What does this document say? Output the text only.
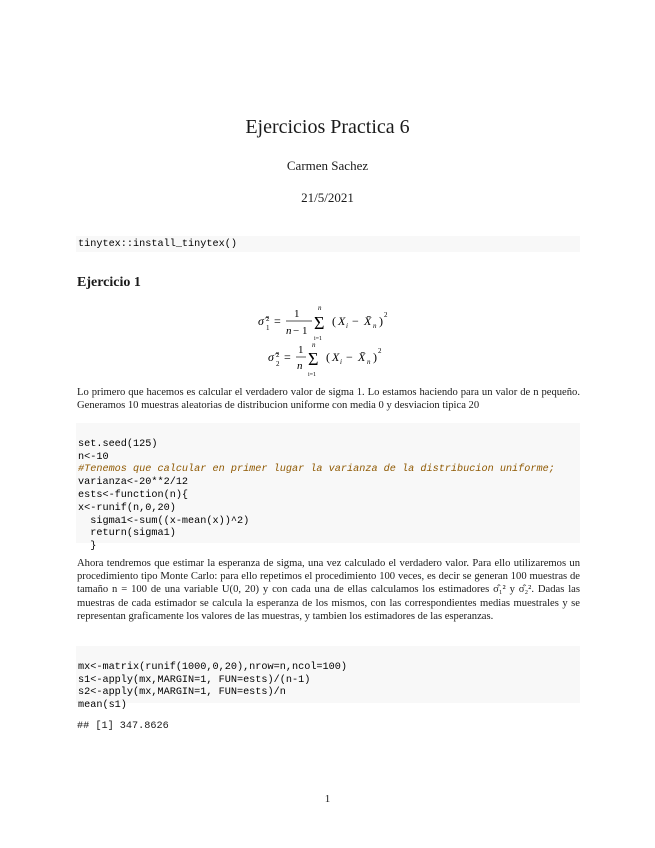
Ejercicios Practica 6
Carmen Sachez
21/5/2021
tinytex::install_tinytex()
Ejercicio 1
σ̂ 2
1 = 1
n − 1
n
Σ
i=1
( X i − X̄ n ) 2
σ̂ 2
2 = 1
n
n
Σ
i=1
( X i − X̄ n ) 2
Lo primero que hacemos es calcular el verdadero valor de sigma 1. Lo estamos haciendo para un valor de n pequeño. Generamos 10 muestras aleatorias de distribucion uniforme con media 0 y desviacion tipica 20

set.seed(125)
n<-10
#Tenemos que calcular en primer lugar la varianza de la distribucion uniforme;
varianza<-20**2/12
ests<-function(n){
x<-runif(n,0,20)
sigma1<-sum((x-mean(x))^2)
return(sigma1)
}

Ahora tendremos que estimar la esperanza de sigma, una vez calculado el verdadero valor. Para ello utilizaremos un procedimiento tipo Monte Carlo: para ello repetimos el procedimiento 100 veces, es decir se generan 100 muestras de tamaño n = 100 de una variable U(0, 20) y con cada una de ellas calculamos los estimadores σ̂₁² y σ̂₂². Dadas las muestras de cada estimador se calcula la esperanza de los mismos, con las correspondientes medias muestrales y se representan graficamente los valores de las muestras, y tambien los estimadores de las esperanzas.

mx<-matrix(runif(1000,0,20),nrow=n,ncol=100)
s1<-apply(mx,MARGIN=1, FUN=ests)/(n-1)
s2<-apply(mx,MARGIN=1, FUN=ests)/n
mean(s1)

## [1] 347.8626
1
